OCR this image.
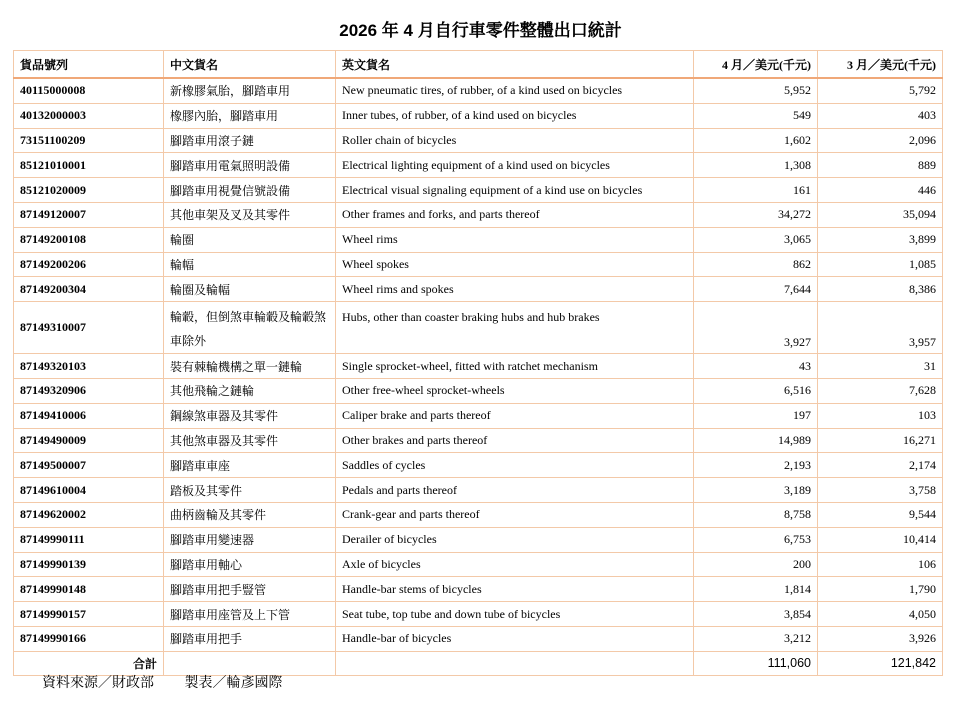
2026 年 4 月自行車零件整體出口統計
貨品號列	中文貨名	英文貨名	4 月／美元(千元)	3 月／美元(千元)
40115000008	新橡膠氣胎，腳踏車用	New pneumatic tires, of rubber, of a kind used on bicycles	5,952	5,792
40132000003	橡膠內胎，腳踏車用	Inner tubes, of rubber, of a kind used on bicycles	549	403
73151100209	腳踏車用滾子鏈	Roller chain of bicycles	1,602	2,096
85121010001	腳踏車用電氣照明設備	Electrical lighting equipment of a kind used on bicycles	1,308	889
85121020009	腳踏車用視覺信號設備	Electrical visual signaling equipment of a kind use on bicycles	161	446
87149120007	其他車架及叉及其零件	Other frames and forks, and parts thereof	34,272	35,094
87149200108	輪圈	Wheel rims	3,065	3,899
87149200206	輪幅	Wheel spokes	862	1,085
87149200304	輪圈及輪幅	Wheel rims and spokes	7,644	8,386
87149310007	輪轂，但倒煞車輪轂及輪轂煞車除外	Hubs, other than coaster braking hubs and hub brakes	3,927	3,957
87149320103	裝有棘輪機構之單一鏈輪	Single sprocket-wheel, fitted with ratchet mechanism	43	31
87149320906	其他飛輪之鏈輪	Other free-wheel sprocket-wheels	6,516	7,628
87149410006	鋼線煞車器及其零件	Caliper brake and parts thereof	197	103
87149490009	其他煞車器及其零件	Other brakes and parts thereof	14,989	16,271
87149500007	腳踏車車座	Saddles of cycles	2,193	2,174
87149610004	踏板及其零件	Pedals and parts thereof	3,189	3,758
87149620002	曲柄齒輪及其零件	Crank-gear and parts thereof	8,758	9,544
87149990111	腳踏車用變速器	Derailer of bicycles	6,753	10,414
87149990139	腳踏車用軸心	Axle of bicycles	200	106
87149990148	腳踏車用把手豎管	Handle-bar stems of bicycles	1,814	1,790
87149990157	腳踏車用座管及上下管	Seat tube, top tube and down tube of bicycles	3,854	4,050
87149990166	腳踏車用把手	Handle-bar of bicycles	3,212	3,926
合計			111,060	121,842
資料來源／財政部 製表／輪彥國際
